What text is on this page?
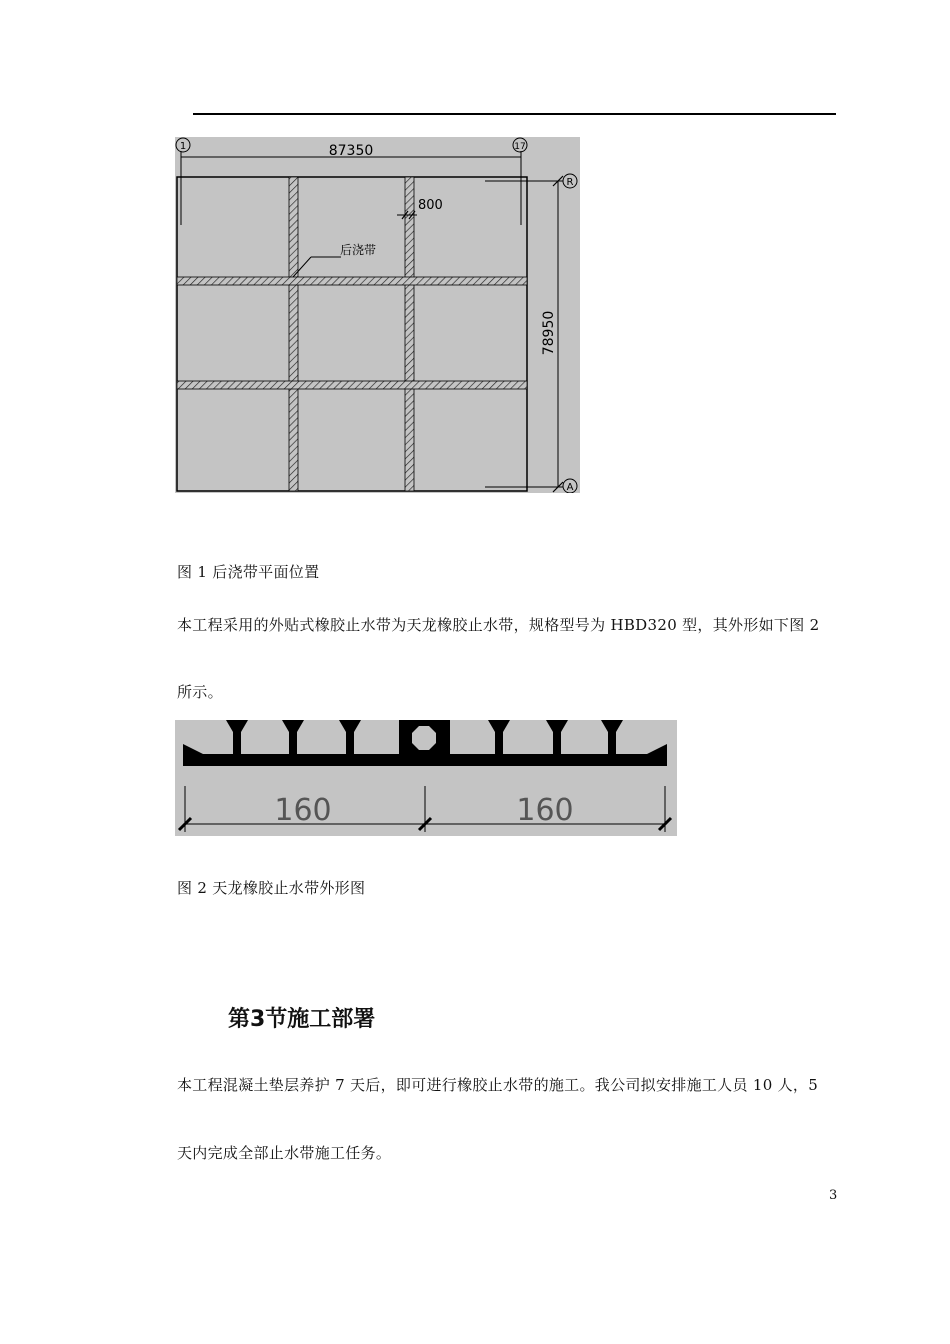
1	17
87350
R
A
78950
800
后浇带
图 1 后浇带平面位置
本工程采用的外贴式橡胶止水带为天龙橡胶止水带，规格型号为 HBD320 型，其外形如下图 2
所示。
160	160
图 2 天龙橡胶止水带外形图
第3节施工部署
本工程混凝土垫层养护 7 天后，即可进行橡胶止水带的施工。我公司拟安排施工人员 10 人，5
天内完成全部止水带施工任务。
3
